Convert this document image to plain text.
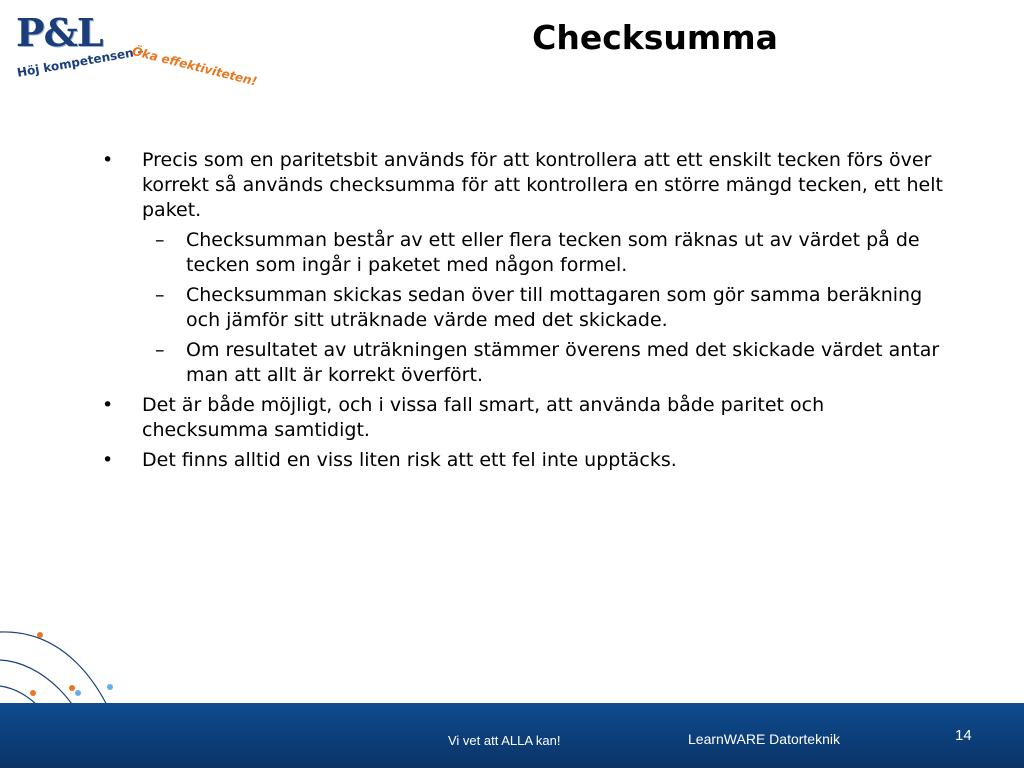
P&L
Höj kompetensen –
Öka effektiviteten!
Checksumma
• Precis som en paritetsbit används för att kontrollera att ett enskilt tecken förs över korrekt så används checksumma för att kontrollera en större mängd tecken, ett helt paket.
– Checksumman består av ett eller flera tecken som räknas ut av värdet på de tecken som ingår i paketet med någon formel.
– Checksumman skickas sedan över till mottagaren som gör samma beräkning och jämför sitt uträknade värde med det skickade.
– Om resultatet av uträkningen stämmer överens med det skickade värdet antar man att allt är korrekt överfört.
• Det är både möjligt, och i vissa fall smart, att använda både paritet och checksumma samtidigt.
• Det finns alltid en viss liten risk att ett fel inte upptäcks.
Vi vet att ALLA kan!	LearnWARE Datorteknik	14
